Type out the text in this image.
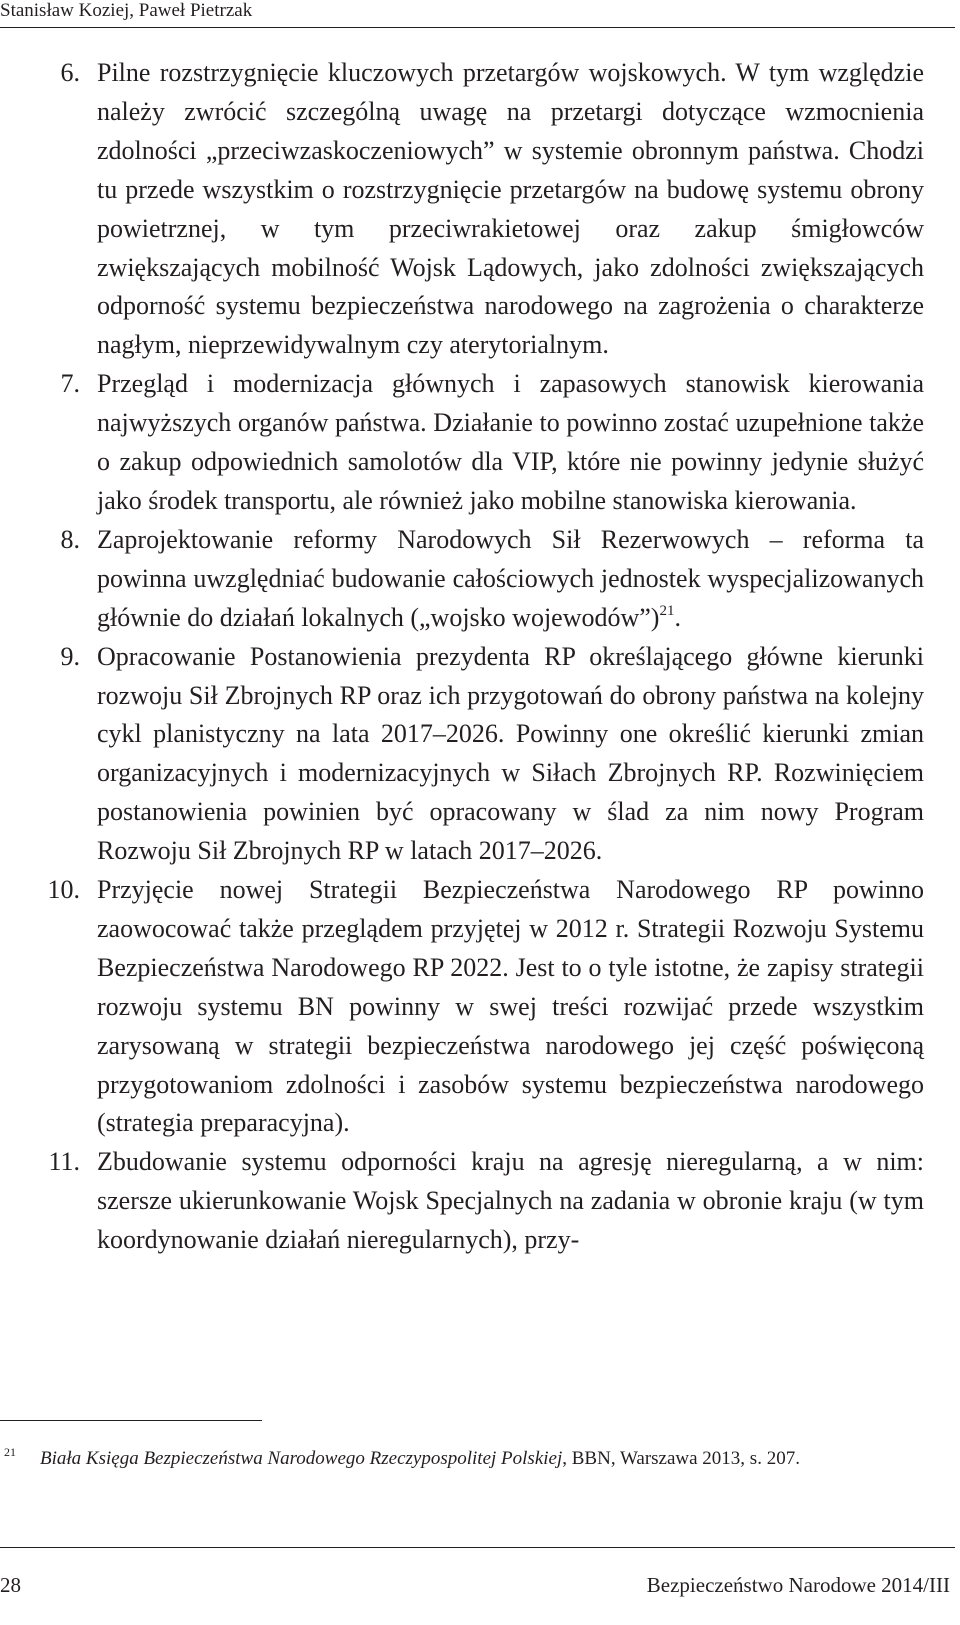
Stanisław Koziej, Paweł Pietrzak
6. Pilne rozstrzygnięcie kluczowych przetargów wojskowych. W tym względzie należy zwrócić szczególną uwagę na przetargi dotyczące wzmocnienia zdolności „przeciwzaskoczeniowych” w systemie obronnym państwa. Chodzi tu przede wszystkim o rozstrzygnięcie przetargów na budowę systemu obrony powietrznej, w tym przeciwrakietowej oraz zakup śmigłowców zwiększających mobilność Wojsk Lądowych, jako zdolności zwiększających odporność systemu bezpieczeństwa narodowego na zagrożenia o charakterze nagłym, nieprzewidywalnym czy aterytorialnym.

7. Przegląd i modernizacja głównych i zapasowych stanowisk kierowania najwyższych organów państwa. Działanie to powinno zostać uzupełnione także o zakup odpowiednich samolotów dla VIP, które nie powinny jedynie służyć jako środek transportu, ale również jako mobilne stanowiska kierowania.

8. Zaprojektowanie reformy Narodowych Sił Rezerwowych – reforma ta powinna uwzględniać budowanie całościowych jednostek wyspecjalizowanych głównie do działań lokalnych („wojsko wojewodów”)$^{21}$.

9. Opracowanie Postanowienia prezydenta RP określającego główne kierunki rozwoju Sił Zbrojnych RP oraz ich przygotowań do obrony państwa na kolejny cykl planistyczny na lata 2017–2026. Powinny one określić kierunki zmian organizacyjnych i modernizacyjnych w Siłach Zbrojnych RP. Rozwinięciem postanowienia powinien być opracowany w ślad za nim nowy Program Rozwoju Sił Zbrojnych RP w latach 2017–2026.

10. Przyjęcie nowej Strategii Bezpieczeństwa Narodowego RP powinno zaowocować także przeglądem przyjętej w 2012 r. Strategii Rozwoju Systemu Bezpieczeństwa Narodowego RP 2022. Jest to o tyle istotne, że zapisy strategii rozwoju systemu BN powinny w swej treści rozwijać przede wszystkim zarysowaną w strategii bezpieczeństwa narodowego jej część poświęconą przygotowaniom zdolności i zasobów systemu bezpieczeństwa narodowego (strategia preparacyjna).

11. Zbudowanie systemu odporności kraju na agresję nieregularną, a w nim: szersze ukierunkowanie Wojsk Specjalnych na zadania w obronie kraju (w tym koordynowanie działań nieregularnych), przy-

21 Biała Księga Bezpieczeństwa Narodowego Rzeczypospolitej Polskiej, BBN, Warszawa 2013, s. 207.
28	Bezpieczeństwo Narodowe 2014/III
